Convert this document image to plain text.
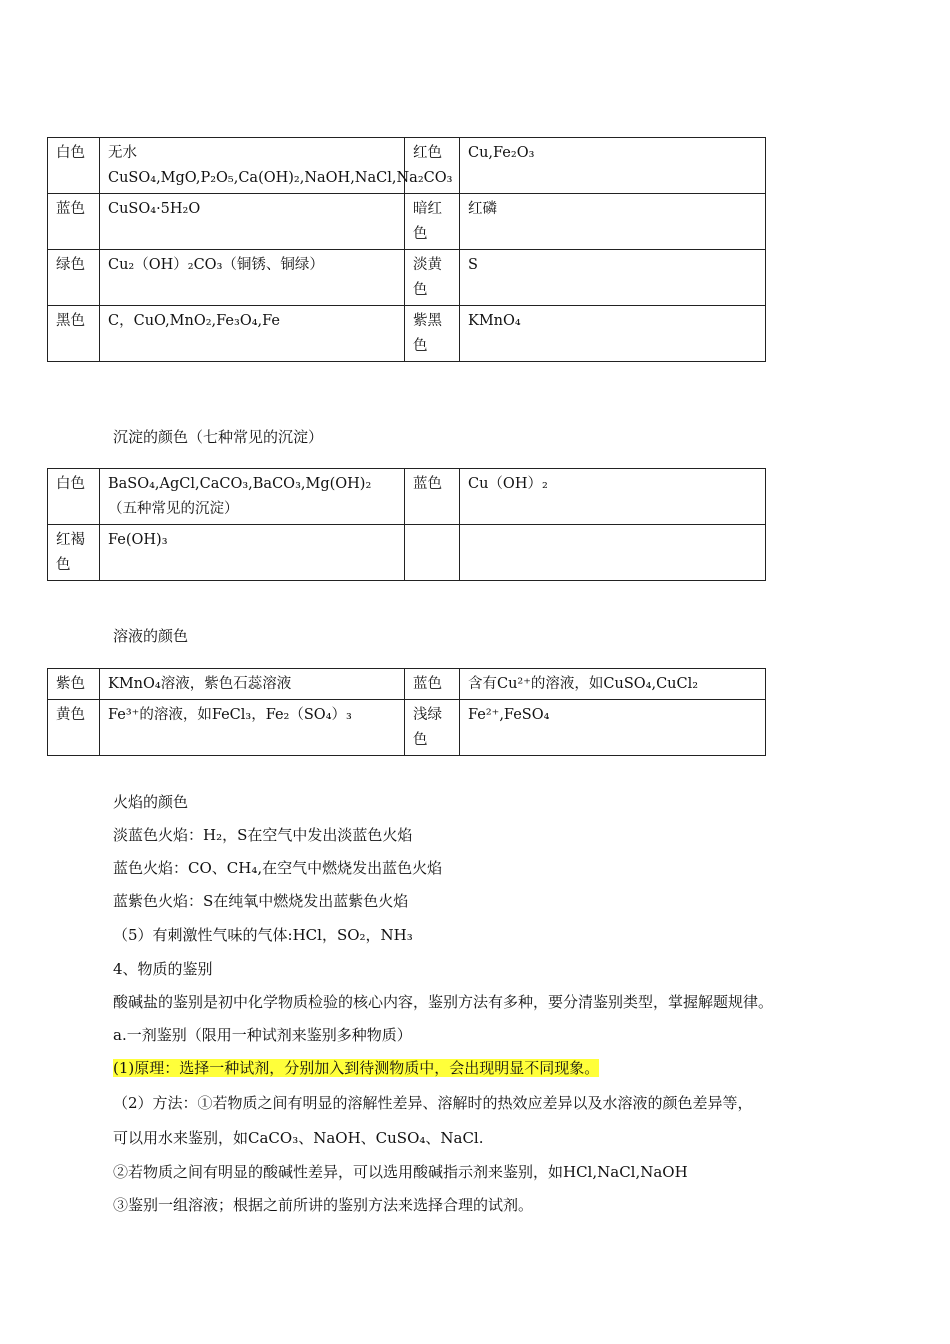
白色	无水CuSO₄,MgO,P₂O₅,Ca(OH)₂,NaOH,NaCl,Na₂CO₃	红色	Cu,Fe₂O₃
蓝色	CuSO₄·5H₂O	暗红色	红磷
绿色	Cu₂（OH）₂CO₃（铜锈、铜绿）	淡黄色	S
黑色	C，CuO,MnO₂,Fe₃O₄,Fe	紫黑色	KMnO₄
沉淀的颜色（七种常见的沉淀）
白色	BaSO₄,AgCl,CaCO₃,BaCO₃,Mg(OH)₂（五种常见的沉淀）	蓝色	Cu（OH）₂
红褐色	Fe(OH)₃		
溶液的颜色
紫色	KMnO₄溶液，紫色石蕊溶液	蓝色	含有Cu²⁺的溶液，如CuSO₄,CuCl₂
黄色	Fe³⁺的溶液，如FeCl₃，Fe₂（SO₄）₃	浅绿色	Fe²⁺,FeSO₄
火焰的颜色
淡蓝色火焰：H₂，S在空气中发出淡蓝色火焰
蓝色火焰：CO、CH₄,在空气中燃烧发出蓝色火焰
蓝紫色火焰：S在纯氧中燃烧发出蓝紫色火焰
（5）有刺激性气味的气体:HCl，SO₂，NH₃
4、物质的鉴别
酸碱盐的鉴别是初中化学物质检验的核心内容，鉴别方法有多种，要分清鉴别类型，掌握解题规律。
a.一剂鉴别（限用一种试剂来鉴别多种物质）
(1)原理：选择一种试剂，分别加入到待测物质中，会出现明显不同现象。
（2）方法：①若物质之间有明显的溶解性差异、溶解时的热效应差异以及水溶液的颜色差异等，
可以用水来鉴别，如CaCO₃、NaOH、CuSO₄、NaCl.
②若物质之间有明显的酸碱性差异，可以选用酸碱指示剂来鉴别，如HCl,NaCl,NaOH
③鉴别一组溶液；根据之前所讲的鉴别方法来选择合理的试剂。
